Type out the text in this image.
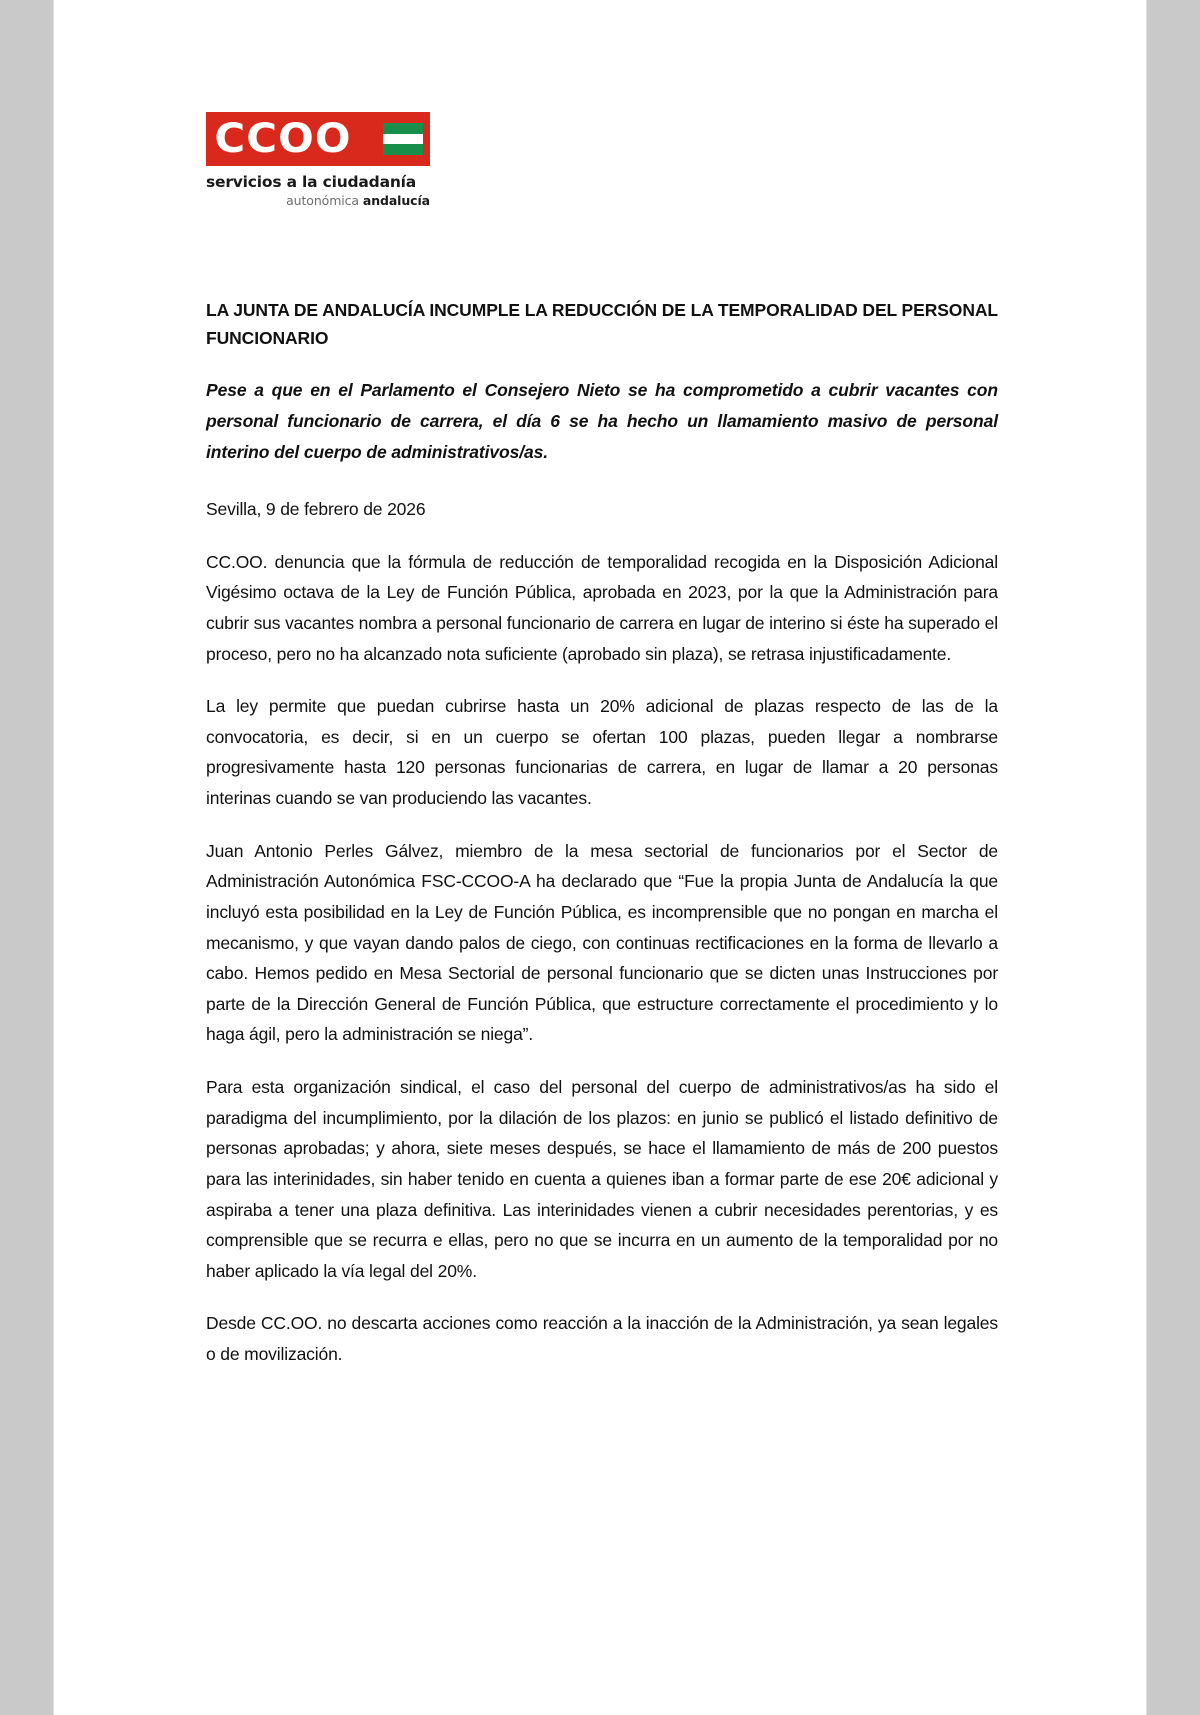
CCOO
servicios a la ciudadanía
autonómica andalucía
LA JUNTA DE ANDALUCÍA INCUMPLE LA REDUCCIÓN DE LA TEMPORALIDAD DEL PERSONAL FUNCIONARIO

Pese a que en el Parlamento el Consejero Nieto se ha comprometido a cubrir vacantes con personal funcionario de carrera, el día 6 se ha hecho un llamamiento masivo de personal interino del cuerpo de administrativos/as.

Sevilla, 9 de febrero de 2026

CC.OO. denuncia que la fórmula de reducción de temporalidad recogida en la Disposición Adicional Vigésimo octava de la Ley de Función Pública, aprobada en 2023, por la que la Administración para cubrir sus vacantes nombra a personal funcionario de carrera en lugar de interino si éste ha superado el proceso, pero no ha alcanzado nota suficiente (aprobado sin plaza), se retrasa injustificadamente.

La ley permite que puedan cubrirse hasta un 20% adicional de plazas respecto de las de la convocatoria, es decir, si en un cuerpo se ofertan 100 plazas, pueden llegar a nombrarse progresivamente hasta 120 personas funcionarias de carrera, en lugar de llamar a 20 personas interinas cuando se van produciendo las vacantes.

Juan Antonio Perles Gálvez, miembro de la mesa sectorial de funcionarios por el Sector de Administración Autonómica FSC-CCOO-A ha declarado que “Fue la propia Junta de Andalucía la que incluyó esta posibilidad en la Ley de Función Pública, es incomprensible que no pongan en marcha el mecanismo, y que vayan dando palos de ciego, con continuas rectificaciones en la forma de llevarlo a cabo. Hemos pedido en Mesa Sectorial de personal funcionario que se dicten unas Instrucciones por parte de la Dirección General de Función Pública, que estructure correctamente el procedimiento y lo haga ágil, pero la administración se niega”.

Para esta organización sindical, el caso del personal del cuerpo de administrativos/as ha sido el paradigma del incumplimiento, por la dilación de los plazos: en junio se publicó el listado definitivo de personas aprobadas; y ahora, siete meses después, se hace el llamamiento de más de 200 puestos para las interinidades, sin haber tenido en cuenta a quienes iban a formar parte de ese 20€ adicional y aspiraba a tener una plaza definitiva. Las interinidades vienen a cubrir necesidades perentorias, y es comprensible que se recurra e ellas, pero no que se incurra en un aumento de la temporalidad por no haber aplicado la vía legal del 20%.

Desde CC.OO. no descarta acciones como reacción a la inacción de la Administración, ya sean legales o de movilización.
